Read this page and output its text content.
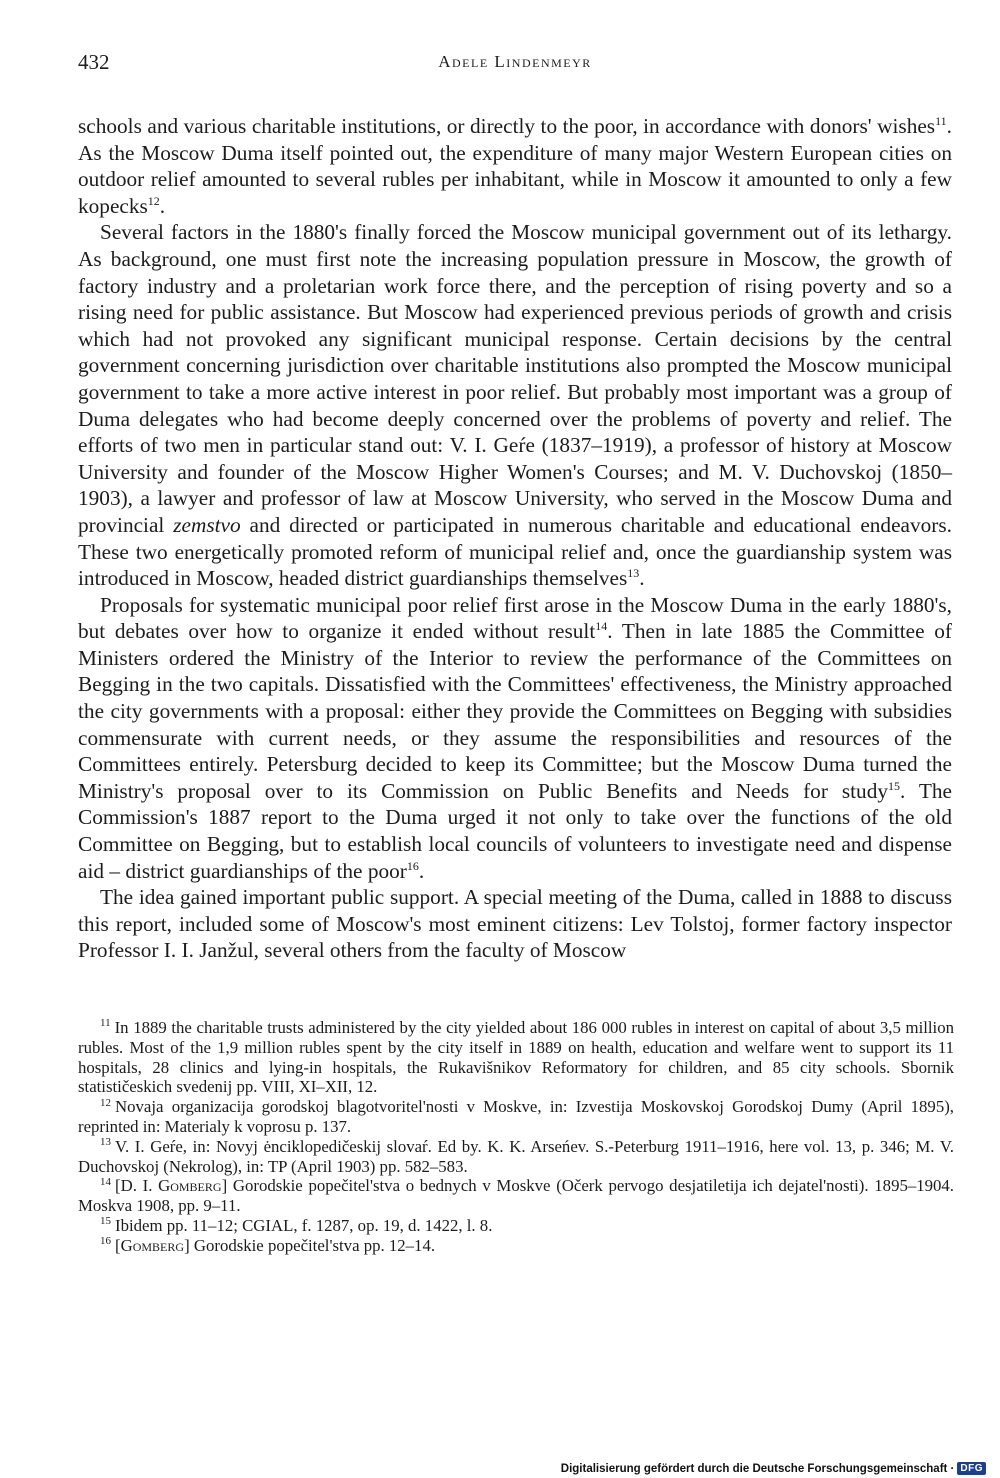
432	Adele Lindenmeyr

schools and various charitable institutions, or directly to the poor, in accordance with donors' wishes$^{11}$. As the Moscow Duma itself pointed out, the expenditure of many major Western European cities on outdoor relief amounted to several rubles per inhabitant, while in Moscow it amounted to only a few kopecks$^{12}$.

Several factors in the 1880's finally forced the Moscow municipal government out of its lethargy. As background, one must first note the increasing population pressure in Moscow, the growth of factory industry and a proletarian work force there, and the perception of rising poverty and so a rising need for public assistance. But Moscow had experienced previous periods of growth and crisis which had not provoked any significant municipal response. Certain decisions by the central government concerning jurisdiction over charitable institutions also prompted the Moscow municipal government to take a more active interest in poor relief. But probably most important was a group of Duma delegates who had become deeply concerned over the problems of poverty and relief. The efforts of two men in particular stand out: V. I. Geŕe (1837–1919), a professor of history at Moscow University and founder of the Moscow Higher Women's Courses; and M. V. Duchovskoj (1850–1903), a lawyer and professor of law at Moscow University, who served in the Moscow Duma and provincial zemstvo and directed or participated in numerous charitable and educational endeavors. These two energetically promoted reform of municipal relief and, once the guardianship system was introduced in Moscow, headed district guardianships themselves$^{13}$.

Proposals for systematic municipal poor relief first arose in the Moscow Duma in the early 1880's, but debates over how to organize it ended without result$^{14}$. Then in late 1885 the Committee of Ministers ordered the Ministry of the Interior to review the performance of the Committees on Begging in the two capitals. Dissatisfied with the Committees' effectiveness, the Ministry approached the city governments with a proposal: either they provide the Committees on Begging with subsidies commensurate with current needs, or they assume the responsibilities and resources of the Committees entirely. Petersburg decided to keep its Committee; but the Moscow Duma turned the Ministry's proposal over to its Commission on Public Benefits and Needs for study$^{15}$. The Commission's 1887 report to the Duma urged it not only to take over the functions of the old Committee on Begging, but to establish local councils of volunteers to investigate need and dispense aid – district guardianships of the poor$^{16}$.

The idea gained important public support. A special meeting of the Duma, called in 1888 to discuss this report, included some of Moscow's most eminent citizens: Lev Tolstoj, former factory inspector Professor I. I. Janžul, several others from the faculty of Moscow

$^{11}$ In 1889 the charitable trusts administered by the city yielded about 186 000 rubles in interest on capital of about 3,5 million rubles. Most of the 1,9 million rubles spent by the city itself in 1889 on health, education and welfare went to support its 11 hospitals, 28 clinics and lying-in hospitals, the Rukavišnikov Reformatory for children, and 85 city schools. Sbornik statističeskich svedenij pp. VIII, XI–XII, 12.

$^{12}$ Novaja organizacija gorodskoj blagotvoritel'nosti v Moskve, in: Izvestija Moskovskoj Gorodskoj Dumy (April 1895), reprinted in: Materialy k voprosu p. 137.

$^{13}$ V. I. Geŕe, in: Novyj ėnciklopedičeskij slovaŕ. Ed by. K. K. Arseńev. S.-Peterburg 1911–1916, here vol. 13, p. 346; M. V. Duchovskoj (Nekrolog), in: TP (April 1903) pp. 582–583.

$^{14}$ [D. I. Gomberg] Gorodskie popečitel'stva o bednych v Moskve (Očerk pervogo desjatiletija ich dejatel'nosti). 1895–1904. Moskva 1908, pp. 9–11.

$^{15}$ Ibidem pp. 11–12; CGIAL, f. 1287, op. 19, d. 1422, l. 8.

$^{16}$ [Gomberg] Gorodskie popečitel'stva pp. 12–14.

Digitalisierung gefördert durch die Deutsche Forschungsgemeinschaft · DFG
